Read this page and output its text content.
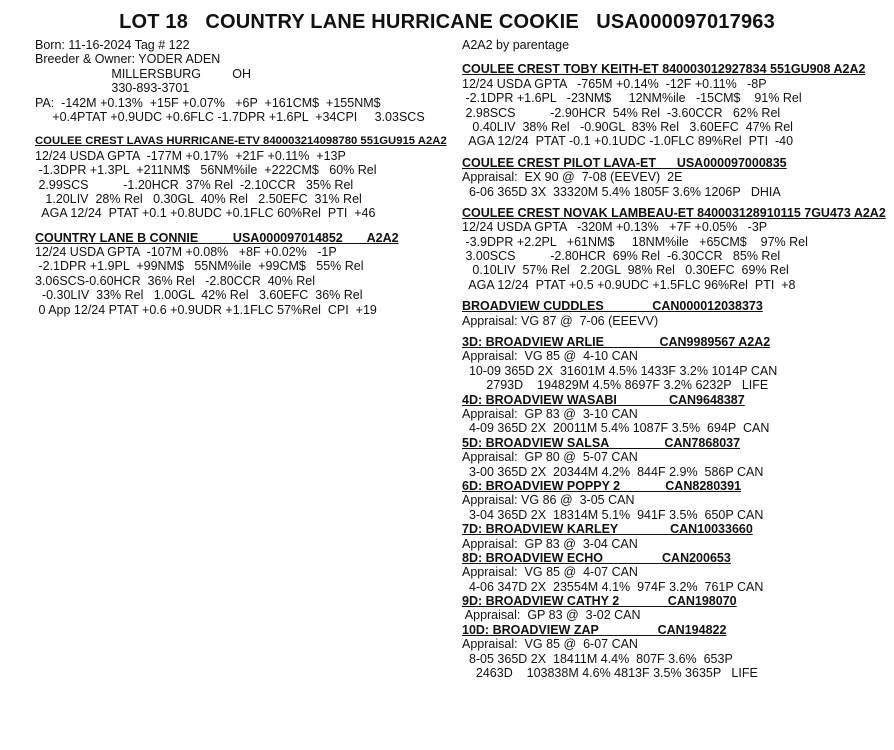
LOT 18   COUNTRY LANE HURRICANE COOKIE   USA000097017963
Born: 11-16-2024 Tag # 122
Breeder & Owner: YODER ADEN
MILLERSBURG         OH
330-893-3701
PA:  -142M +0.13%  +15F +0.07%   +6P  +161CM$  +155NM$
+0.4PTAT +0.9UDC +0.6FLC -1.7DPR +1.6PL  +34CPI     3.03SCS
COULEE CREST LAVAS HURRICANE-ETV 840003214098780 551GU915 A2A2
12/24 USDA GPTA  -177M +0.17%  +21F +0.11%  +13P
-1.3DPR +1.3PL  +211NM$   56NM%ile  +222CM$   60% Rel
2.99SCS          -1.20HCR  37% Rel  -2.10CCR   35% Rel
1.20LIV  28% Rel   0.30GL  40% Rel   2.50EFC  31% Rel
AGA 12/24  PTAT +0.1 +0.8UDC +0.1FLC 60%Rel  PTI  +46
COUNTRY LANE B CONNIE          USA000097014852       A2A2
12/24 USDA GPTA  -107M +0.08%   +8F +0.02%   -1P
-2.1DPR +1.9PL  +99NM$   55NM%ile  +99CM$   55% Rel
3.06SCS-0.60HCR  36% Rel   -2.80CCR  40% Rel
-0.30LIV  33% Rel   1.00GL  42% Rel   3.60EFC  36% Rel
0 App 12/24 PTAT +0.6 +0.9UDR +1.1FLC 57%Rel  CPI  +19
A2A2 by parentage
COULEE CREST TOBY KEITH-ET 840003012927834 551GU908 A2A2
12/24 USDA GPTA   -765M +0.14%  -12F +0.11%   -8P
-2.1DPR +1.6PL   -23NM$     12NM%ile   -15CM$    91% Rel
2.98SCS          -2.90HCR  54% Rel  -3.60CCR   62% Rel
0.40LIV  38% Rel   -0.90GL  83% Rel   3.60EFC  47% Rel
AGA 12/24  PTAT -0.1 +0.1UDC -1.0FLC 89%Rel  PTI  -40
COULEE CREST PILOT LAVA-ET      USA000097000835
Appraisal:  EX 90 @  7-08 (EEVEV)  2E
6-06 365D 3X  33320M 5.4% 1805F 3.6% 1206P   DHIA
COULEE CREST NOVAK LAMBEAU-ET 840003128910115 7GU473 A2A2
12/24 USDA GPTA   -320M +0.13%   +7F +0.05%   -3P
-3.9DPR +2.2PL   +61NM$     18NM%ile   +65CM$    97% Rel
3.00SCS          -2.80HCR  69% Rel  -6.30CCR   85% Rel
0.10LIV  57% Rel   2.20GL  98% Rel   0.30EFC  69% Rel
AGA 12/24  PTAT +0.5 +0.9UDC +1.5FLC 96%Rel  PTI  +8
BROADVIEW CUDDLES              CAN000012038373
Appraisal: VG 87 @  7-06 (EEEVV)
3D: BROADVIEW ARLIE                CAN9989567 A2A2
Appraisal:  VG 85 @  4-10 CAN
10-09 365D 2X  31601M 4.5% 1433F 3.2% 1014P CAN
2793D    194829M 4.5% 8697F 3.2% 6232P   LIFE
4D: BROADVIEW WASABI               CAN9648387
Appraisal:  GP 83 @  3-10 CAN
4-09 365D 2X  20011M 5.4% 1087F 3.5%  694P  CAN
5D: BROADVIEW SALSA                CAN7868037
Appraisal:  GP 80 @  5-07 CAN
3-00 365D 2X  20344M 4.2%  844F 2.9%  586P CAN
6D: BROADVIEW POPPY 2             CAN8280391
Appraisal: VG 86 @  3-05 CAN
3-04 365D 2X  18314M 5.1%  941F 3.5%  650P CAN
7D: BROADVIEW KARLEY               CAN10033660
Appraisal:  GP 83 @  3-04 CAN
8D: BROADVIEW ECHO                 CAN200653
Appraisal:  VG 85 @  4-07 CAN
4-06 347D 2X  23554M 4.1%  974F 3.2%  761P CAN
9D: BROADVIEW CATHY 2              CAN198070
Appraisal:  GP 83 @  3-02 CAN
10D: BROADVIEW ZAP                 CAN194822
Appraisal:  VG 85 @  6-07 CAN
8-05 365D 2X  18411M 4.4%  807F 3.6%  653P
2463D    103838M 4.6% 4813F 3.5% 3635P   LIFE
